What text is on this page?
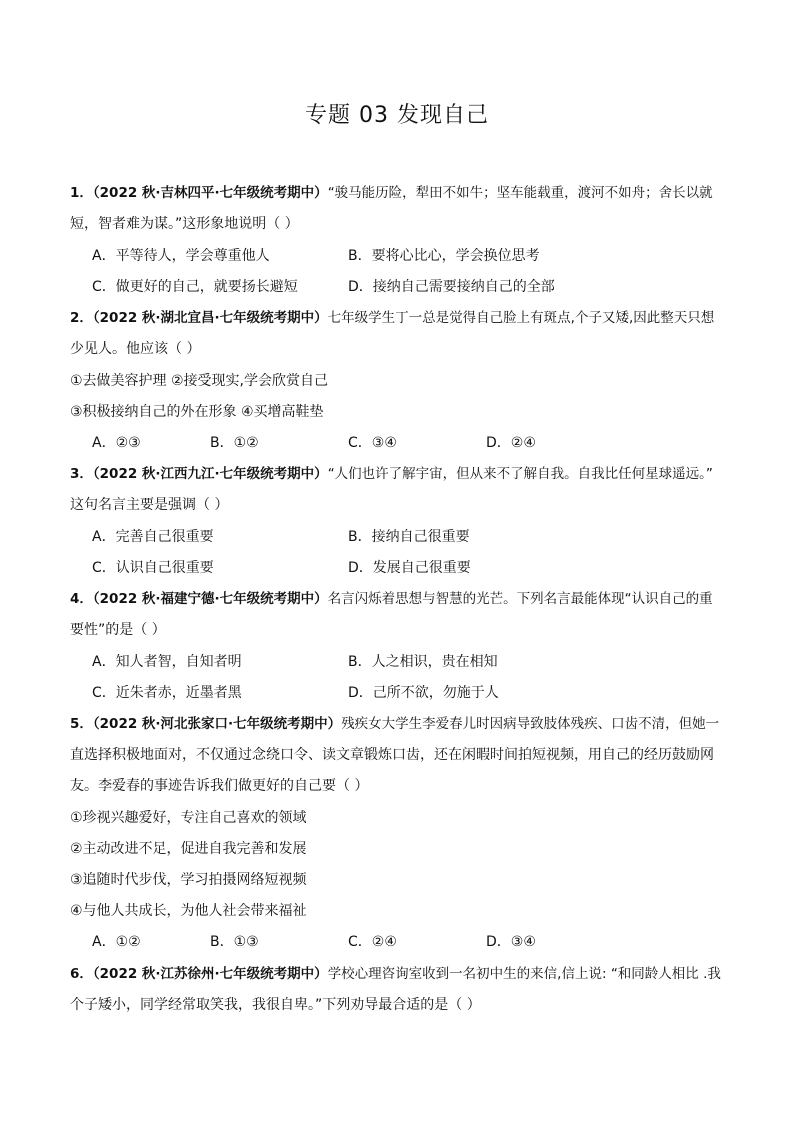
专题 03 发现自己
1．（2022 秋·吉林四平·七年级统考期中）“骏马能历险，犁田不如牛；坚车能载重，渡河不如舟；舍长以就
短，智者难为谋。”这形象地说明（ ）
A．平等待人，学会尊重他人	B．要将心比心，学会换位思考
C．做更好的自己，就要扬长避短	D．接纳自己需要接纳自己的全部
2．（2022 秋·湖北宜昌·七年级统考期中）七年级学生丁一总是觉得自己脸上有斑点,个子又矮,因此整天只想
少见人。他应该（ ）
①去做美容护理 ②接受现实,学会欣赏自己
③积极接纳自己的外在形象 ④买增高鞋垫
A．②③	B．①②	C．③④	D．②④
3．（2022 秋·江西九江·七年级统考期中）“人们也许了解宇宙，但从来不了解自我。自我比任何星球遥远。”
这句名言主要是强调（ ）
A．完善自己很重要	B．接纳自己很重要
C．认识自己很重要	D．发展自己很重要
4．（2022 秋·福建宁德·七年级统考期中）名言闪烁着思想与智慧的光芒。下列名言最能体现“认识自己的重
要性”的是（ ）
A．知人者智，自知者明	B．人之相识，贵在相知
C．近朱者赤，近墨者黑	D．己所不欲，勿施于人
5．（2022 秋·河北张家口·七年级统考期中）残疾女大学生李爱春儿时因病导致肢体残疾、口齿不清，但她一
直选择积极地面对，不仅通过念绕口令、读文章锻炼口齿，还在闲暇时间拍短视频，用自己的经历鼓励网
友。李爱春的事迹告诉我们做更好的自己要（ ）
①珍视兴趣爱好，专注自己喜欢的领域
②主动改进不足，促进自我完善和发展
③追随时代步伐，学习拍摄网络短视频
④与他人共成长，为他人社会带来福祉
A．①②	B．①③	C．②④	D．③④
6．（2022 秋·江苏徐州·七年级统考期中）学校心理咨询室收到一名初中生的来信,信上说: “和同龄人相比 .我
个子矮小，同学经常取笑我，我很自卑。”下列劝导最合适的是（ ）
